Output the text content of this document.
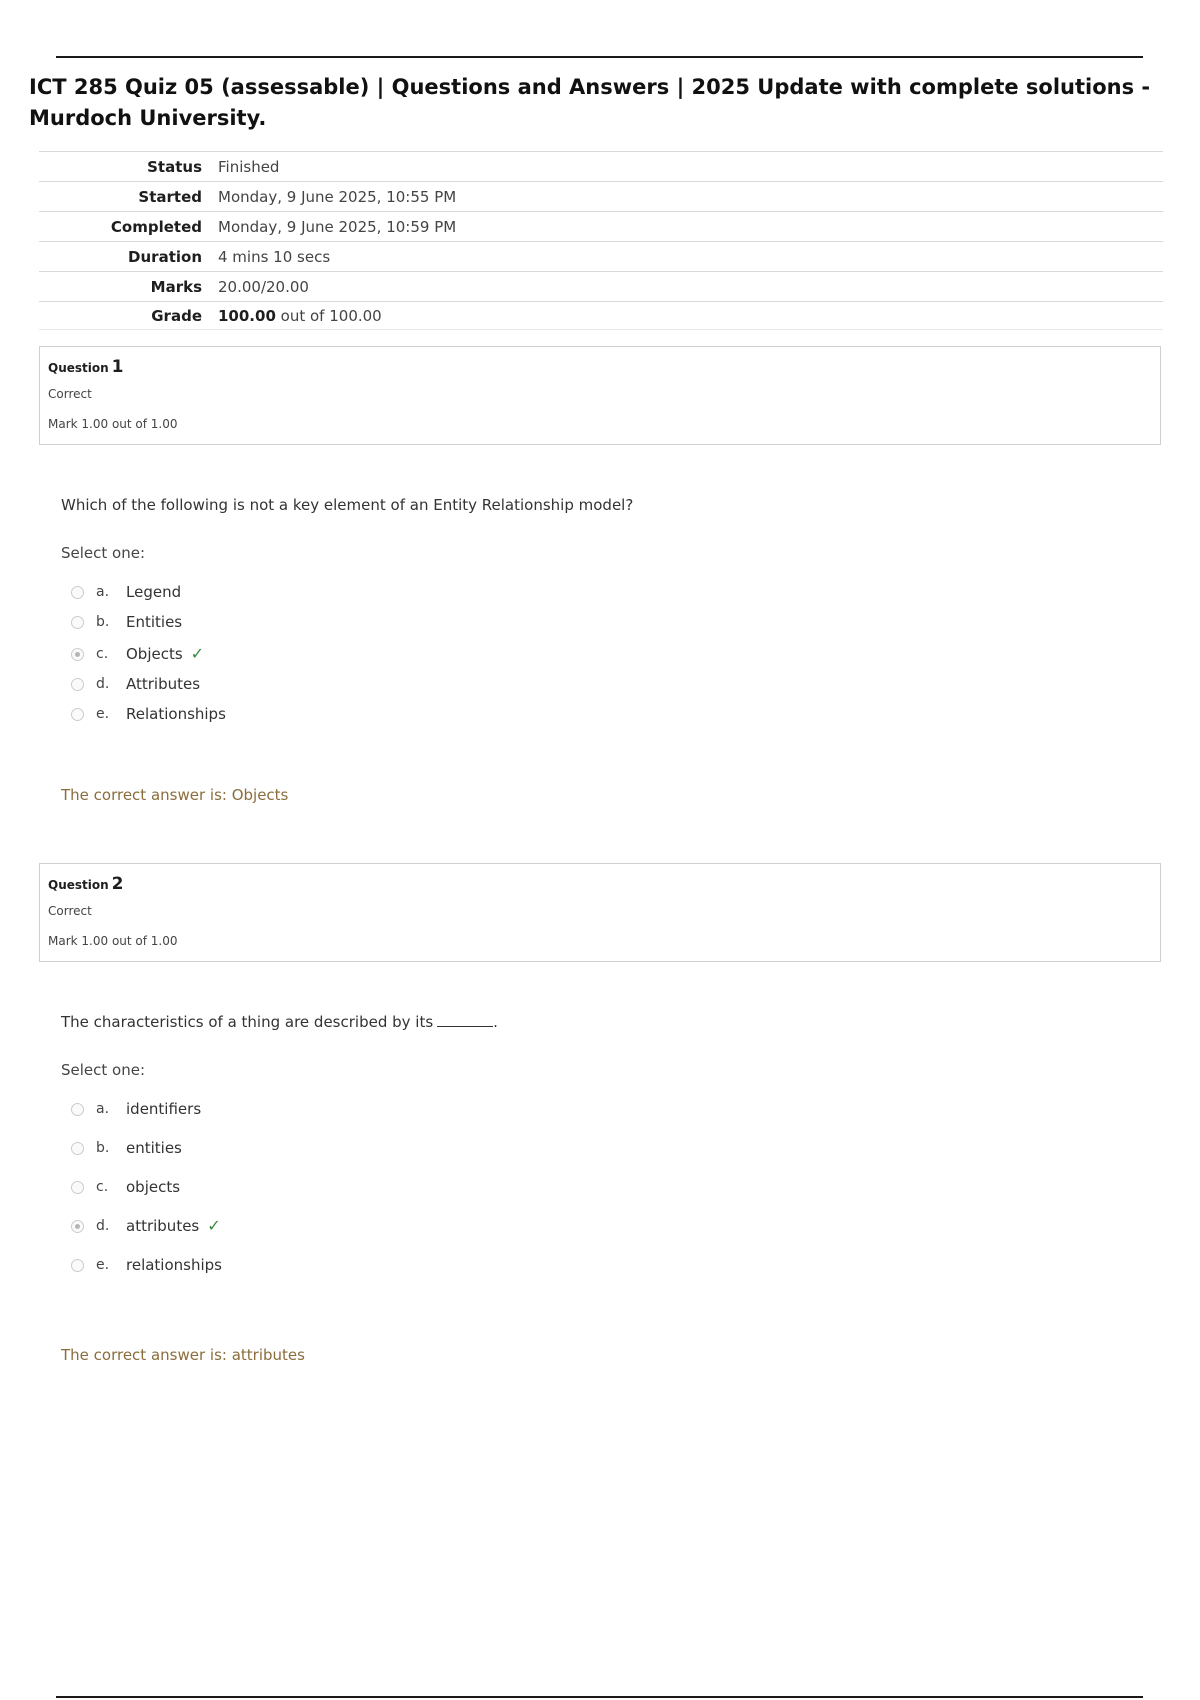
ICT 285 Quiz 05 (assessable) | Questions and Answers | 2025 Update with complete solutions - Murdoch University.
Status Finished
Started Monday, 9 June 2025, 10:55 PM
Completed Monday, 9 June 2025, 10:59 PM
Duration 4 mins 10 secs
Marks 20.00/20.00
Grade 100.00 out of 100.00
Question 1
Correct
Mark 1.00 out of 1.00
Which of the following is not a key element of an Entity Relationship model?
Select one:
a.	Legend
b.	Entities
c.	Objects ✓
d.	Attributes
e.	Relationships
The correct answer is: Objects
Question 2
Correct
Mark 1.00 out of 1.00
The characteristics of a thing are described by its	.
Select one:
a.	identifiers
b.	entities
c.	objects
d.	attributes ✓
e.	relationships
The correct answer is: attributes
